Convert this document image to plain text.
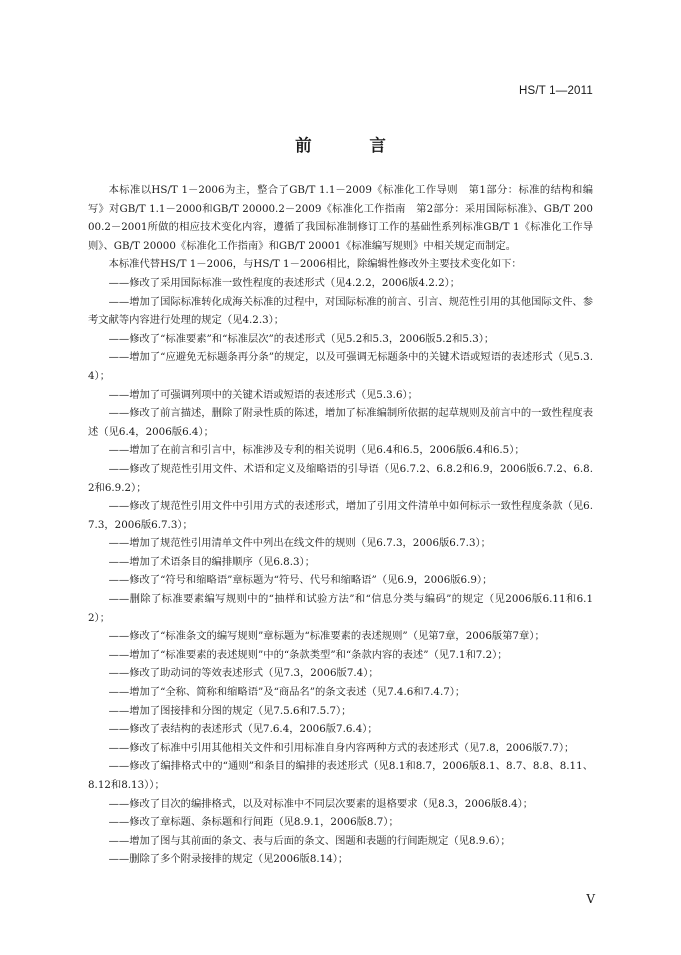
HS/T 1—2011
前 言

本标准以HS/T 1－2006为主，整合了GB/T 1.1－2009《标准化工作导则　第1部分：标准的结构和编写》对GB/T 1.1－2000和GB/T 20000.2－2009《标准化工作指南　第2部分：采用国际标准》、GB/T 20000.2－2001所做的相应技术变化内容，遵循了我国标准制修订工作的基础性系列标准GB/T 1《标准化工作导则》、GB/T 20000《标准化工作指南》和GB/T 20001《标准编写规则》中相关规定而制定。

本标准代替HS/T 1－2006，与HS/T 1－2006相比，除编辑性修改外主要技术变化如下：

——修改了采用国际标准一致性程度的表述形式（见4.2.2，2006版4.2.2）；

——增加了国际标准转化成海关标准的过程中，对国际标准的前言、引言、规范性引用的其他国际文件、参考文献等内容进行处理的规定（见4.2.3）；

——修改了“标准要素”和“标准层次”的表述形式（见5.2和5.3，2006版5.2和5.3）；

——增加了“应避免无标题条再分条”的规定，以及可强调无标题条中的关键术语或短语的表述形式（见5.3.4）；

——增加了可强调列项中的关键术语或短语的表述形式（见5.3.6）；

——修改了前言描述，删除了附录性质的陈述，增加了标准编制所依据的起草规则及前言中的一致性程度表述（见6.4，2006版6.4）；

——增加了在前言和引言中，标准涉及专利的相关说明（见6.4和6.5，2006版6.4和6.5）；

——修改了规范性引用文件、术语和定义及缩略语的引导语（见6.7.2、6.8.2和6.9，2006版6.7.2、6.8.2和6.9.2）；

——修改了规范性引用文件中引用方式的表述形式，增加了引用文件清单中如何标示一致性程度条款（见6.7.3，2006版6.7.3）；

——增加了规范性引用清单文件中列出在线文件的规则（见6.7.3，2006版6.7.3）；

——增加了术语条目的编排顺序（见6.8.3）；

——修改了“符号和缩略语”章标题为“符号、代号和缩略语”（见6.9，2006版6.9）；

——删除了标准要素编写规则中的“抽样和试验方法”和“信息分类与编码”的规定（见2006版6.11和6.12）；

——修改了“标准条文的编写规则”章标题为“标准要素的表述规则”（见第7章，2006版第7章）；

——增加了“标准要素的表述规则”中的“条款类型”和“条款内容的表述”（见7.1和7.2）；

——修改了助动词的等效表述形式（见7.3，2006版7.4）；

——增加了“全称、简称和缩略语”及“商品名”的条文表述（见7.4.6和7.4.7）；

——增加了图接排和分图的规定（见7.5.6和7.5.7）；

——修改了表结构的表述形式（见7.6.4，2006版7.6.4）；

——修改了标准中引用其他相关文件和引用标准自身内容两种方式的表述形式（见7.8，2006版7.7）；

——修改了编排格式中的“通则”和条目的编排的表述形式（见8.1和8.7，2006版8.1、8.7、8.8、8.11、8.12和8.13））；

——修改了目次的编排格式，以及对标准中不同层次要素的退格要求（见8.3，2006版8.4）；

——修改了章标题、条标题和行间距（见8.9.1，2006版8.7）；

——增加了图与其前面的条文、表与后面的条文、图题和表题的行间距规定（见8.9.6）；

——删除了多个附录接排的规定（见2006版8.14）；

V
